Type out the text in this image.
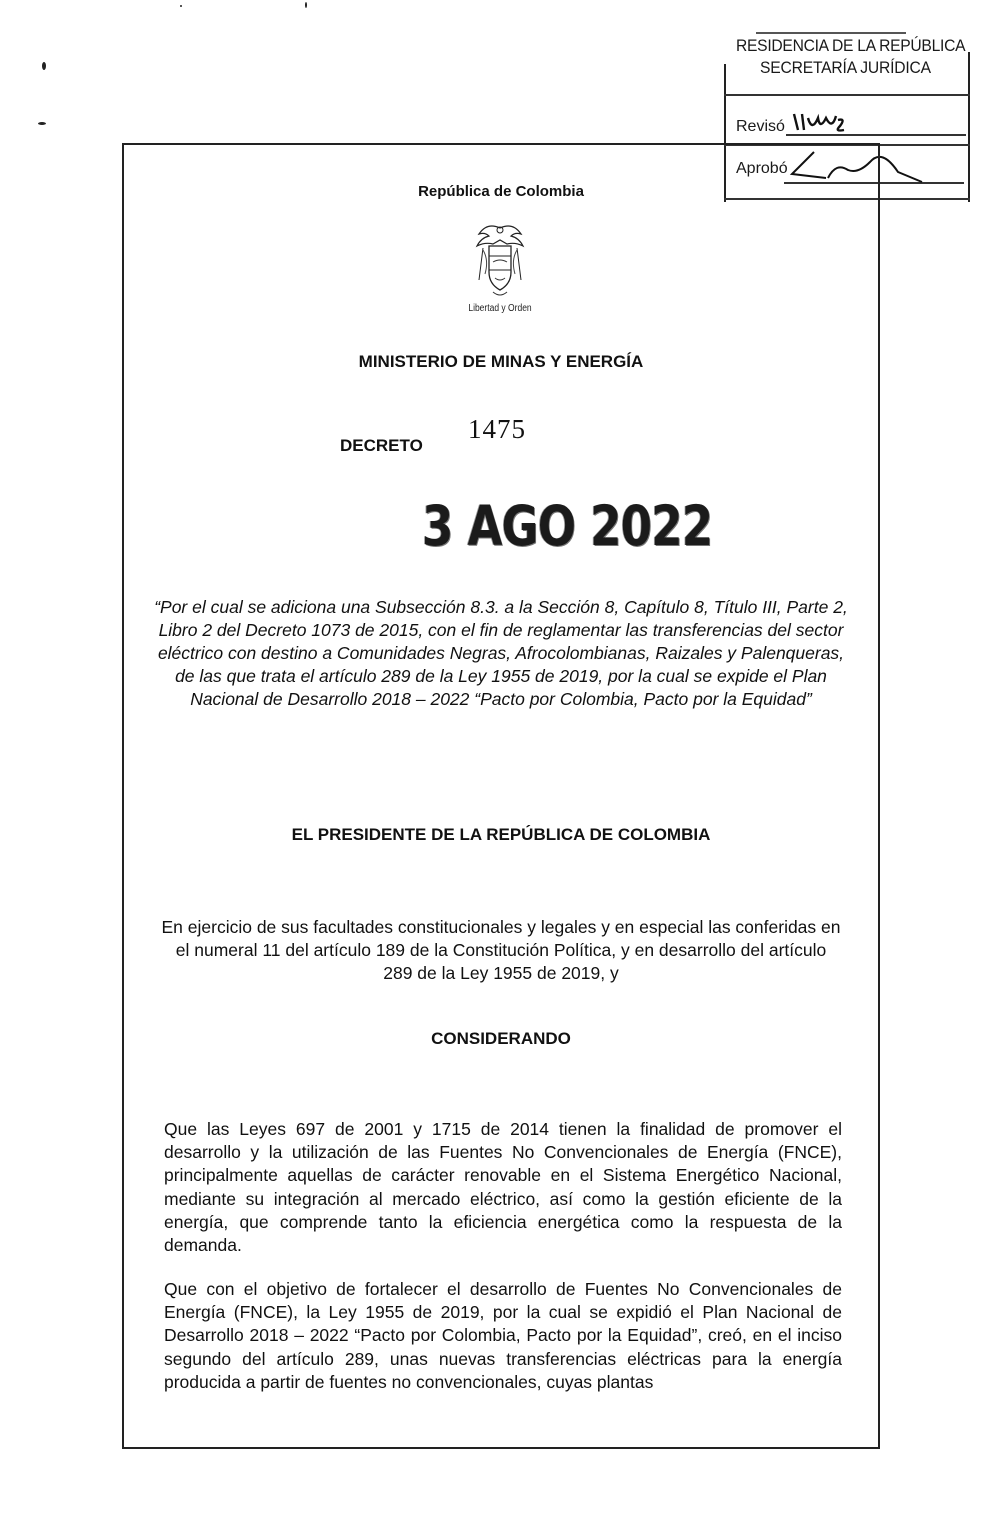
RESIDENCIA DE LA REPÚBLICA
SECRETARÍA JURÍDICA
Revisó
Aprobó
República de Colombia
Libertad y Orden
MINISTERIO DE MINAS Y ENERGÍA
DECRETO
1475
3 AGO 2022
“Por el cual se adiciona una Subsección 8.3. a la Sección 8, Capítulo 8, Título III, Parte 2, Libro 2 del Decreto 1073 de 2015, con el fin de reglamentar las transferencias del sector eléctrico con destino a Comunidades Negras, Afrocolombianas, Raizales y Palenqueras, de las que trata el artículo 289 de la Ley 1955 de 2019, por la cual se expide el Plan Nacional de Desarrollo 2018 – 2022 “Pacto por Colombia, Pacto por la Equidad”
EL PRESIDENTE DE LA REPÚBLICA DE COLOMBIA
En ejercicio de sus facultades constitucionales y legales y en especial las conferidas en el numeral 11 del artículo 189 de la Constitución Política, y en desarrollo del artículo 289 de la Ley 1955 de 2019, y
CONSIDERANDO
Que las Leyes 697 de 2001 y 1715 de 2014 tienen la finalidad de promover el desarrollo y la utilización de las Fuentes No Convencionales de Energía (FNCE), principalmente aquellas de carácter renovable en el Sistema Energético Nacional, mediante su integración al mercado eléctrico, así como la gestión eficiente de la energía, que comprende tanto la eficiencia energética como la respuesta de la demanda.
Que con el objetivo de fortalecer el desarrollo de Fuentes No Convencionales de Energía (FNCE), la Ley 1955 de 2019, por la cual se expidió el Plan Nacional de Desarrollo 2018 – 2022 “Pacto por Colombia, Pacto por la Equidad”, creó, en el inciso segundo del artículo 289, unas nuevas transferencias eléctricas para la energía producida a partir de fuentes no convencionales, cuyas plantas
